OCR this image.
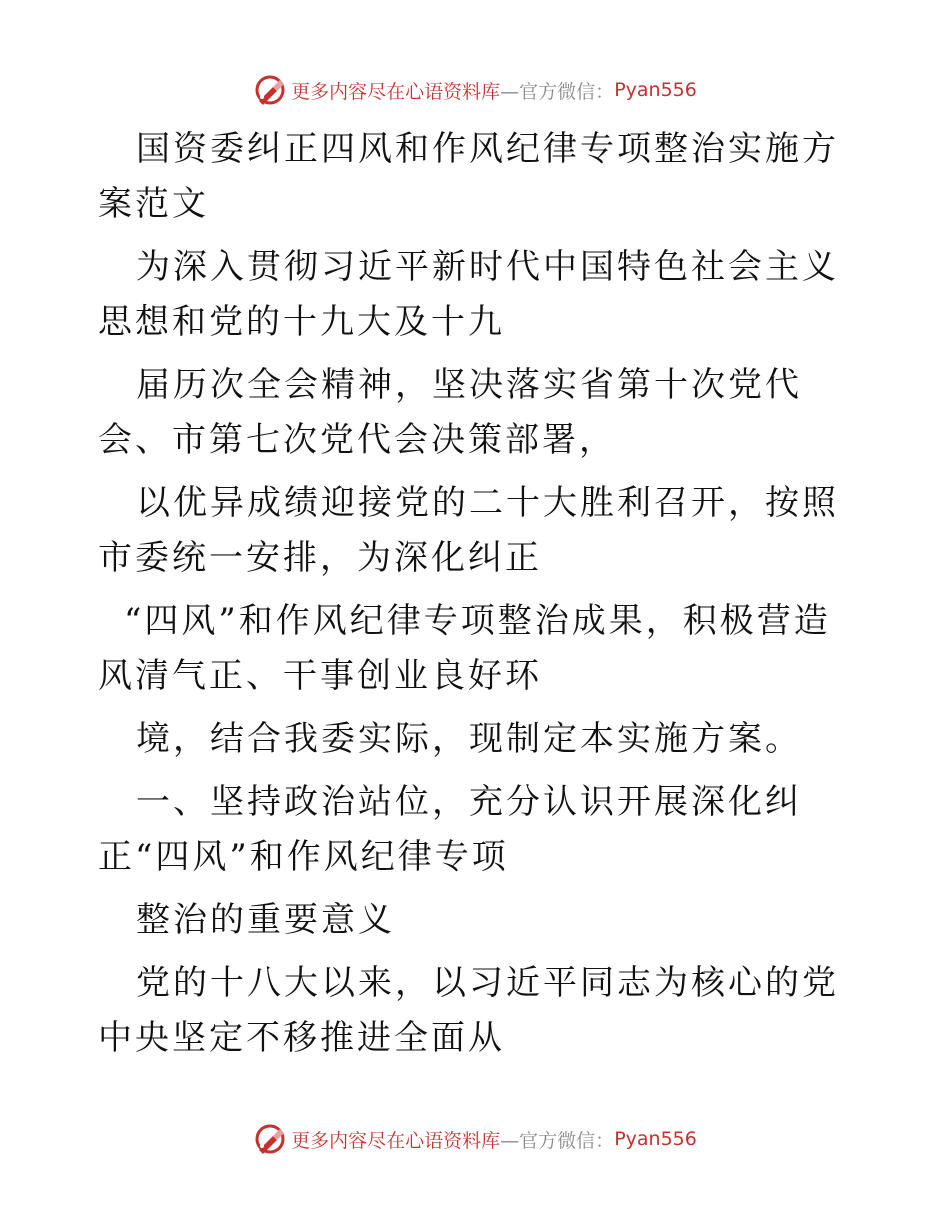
更多内容尽在心语资料库 —官方微信： Pyan556

国资委纠正四风和作风纪律专项整治实施方案范文

为深入贯彻习近平新时代中国特色社会主义思想和党的十九大及十九

届历次全会精神，坚决落实省第十次党代会、市第七次党代会决策部署，

以优异成绩迎接党的二十大胜利召开，按照市委统一安排，为深化纠正

“四风”和作风纪律专项整治成果，积极营造风清气正、干事创业良好环

境，结合我委实际，现制定本实施方案。

一、坚持政治站位，充分认识开展深化纠正“四风”和作风纪律专项

整治的重要意义

党的十八大以来，以习近平同志为核心的党中央坚定不移推进全面从

更多内容尽在心语资料库 —官方微信： Pyan556
